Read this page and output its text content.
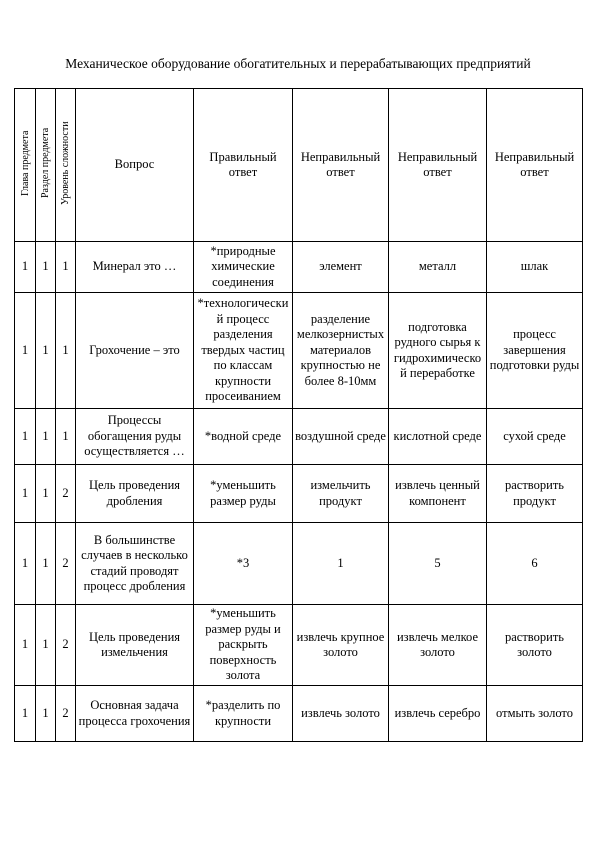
Механическое оборудование обогатительных и перерабатывающих предприятий
Глава предмета	Раздел предмета	Уровень сложности	Вопрос	Правильный ответ	Неправильный ответ	Неправильный ответ	Неправильный ответ
1	1	1	Минерал это …	*природные химические соединения	элемент	металл	шлак
1	1	1	Грохочение – это	*технологический процесс разделения твердых частиц по классам крупности просеиванием	разделение мелкозернистых материалов крупностью не более 8-10мм	подготовка рудного сырья к гидрохимической переработке	процесс завершения подготовки руды
1	1	1	Процессы обогащения руды осуществляется …	*водной среде	воздушной среде	кислотной среде	сухой среде
1	1	2	Цель проведения дробления	*уменьшить размер руды	измельчить продукт	извлечь ценный компонент	растворить продукт
1	1	2	В большинстве случаев в несколько стадий проводят процесс дробления	*3	1	5	6
1	1	2	Цель проведения измельчения	*уменьшить размер руды и раскрыть поверхность золота	извлечь крупное золото	извлечь мелкое золото	растворить золото
1	1	2	Основная задача процесса грохочения	*разделить по крупности	извлечь золото	извлечь серебро	отмыть золото
